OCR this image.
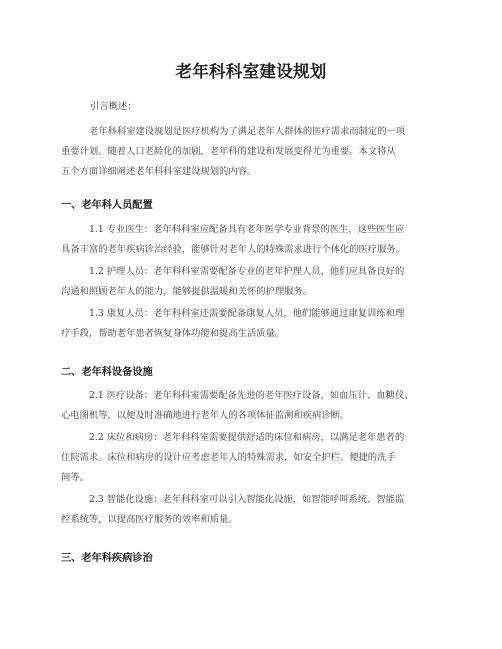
老年科科室建设规划
引言概述：
老年科科室建设规划是医疗机构为了满足老年人群体的医疗需求而制定的一项
重要计划。随着人口老龄化的加剧，老年科的建设和发展变得尤为重要。本文将从
五个方面详细阐述老年科科室建设规划的内容。
一、老年科人员配置
1.1 专业医生：老年科科室应配备具有老年医学专业背景的医生，这些医生应
具备丰富的老年疾病诊治经验，能够针对老年人的特殊需求进行个体化的医疗服务。
1.2 护理人员：老年科科室需要配备专业的老年护理人员，他们应具备良好的
沟通和照顾老年人的能力，能够提供温暖和关怀的护理服务。
1.3 康复人员：老年科科室还需要配备康复人员，他们能够通过康复训练和理
疗手段，帮助老年患者恢复身体功能和提高生活质量。
二、老年科设备设施
2.1 医疗设备：老年科科室需要配备先进的老年医疗设备，如血压计、血糖仪、
心电图机等，以便及时准确地进行老年人的各项体征监测和疾病诊断。
2.2 床位和病房：老年科科室需要提供舒适的床位和病房，以满足老年患者的
住院需求。床位和病房的设计应考虑老年人的特殊需求，如安全护栏、便捷的洗手
间等。
2.3 智能化设施：老年科科室可以引入智能化设施，如智能呼叫系统、智能监
控系统等，以提高医疗服务的效率和质量。
三、老年科疾病诊治
